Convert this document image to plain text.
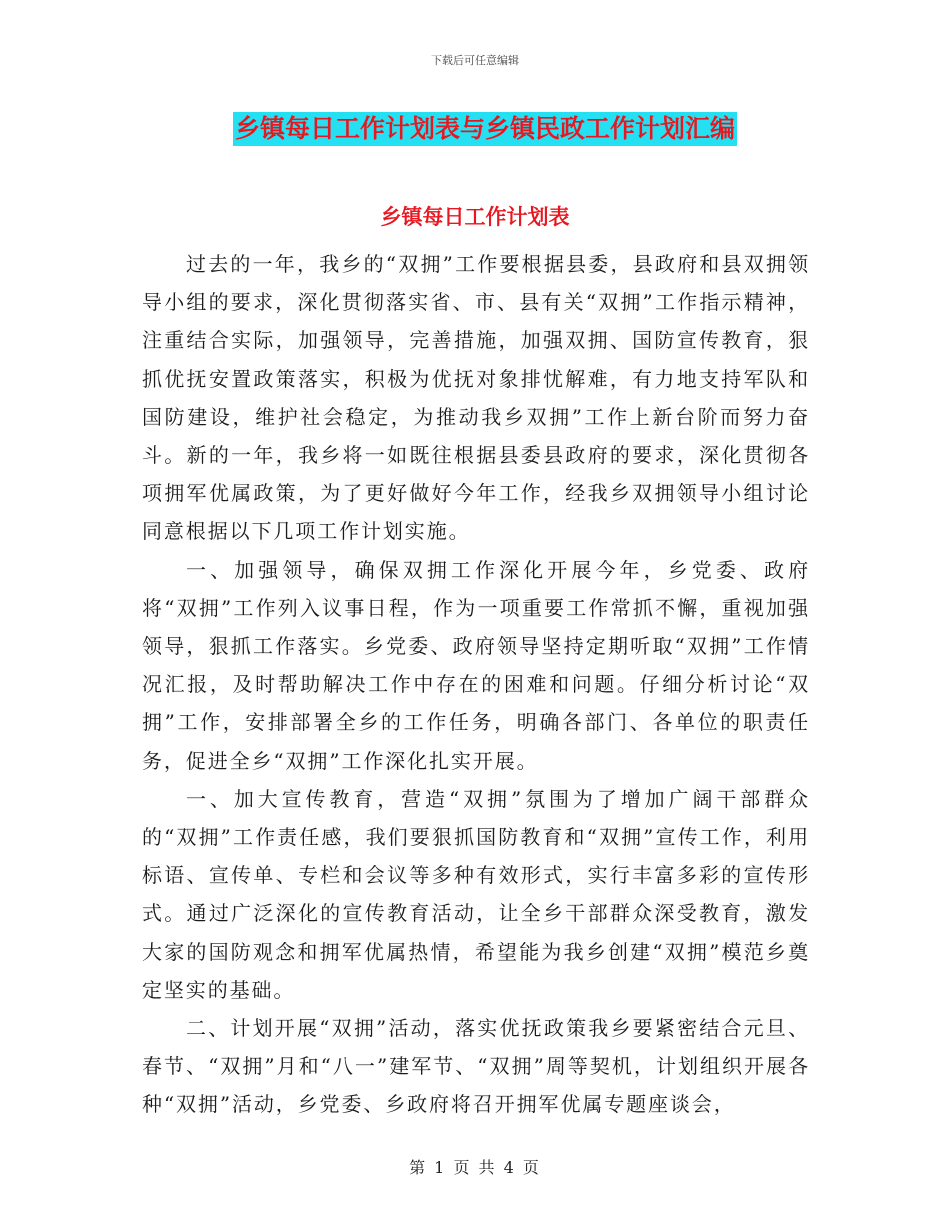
下载后可任意编辑
乡镇每日工作计划表与乡镇民政工作计划汇编
乡镇每日工作计划表

过去的一年，我乡的“双拥”工作要根据县委，县政府和县双拥领导小组的要求，深化贯彻落实省、市、县有关“双拥”工作指示精神，注重结合实际，加强领导，完善措施，加强双拥、国防宣传教育，狠抓优抚安置政策落实，积极为优抚对象排忧解难，有力地支持军队和国防建设，维护社会稳定，为推动我乡双拥”工作上新台阶而努力奋斗。新的一年，我乡将一如既往根据县委县政府的要求，深化贯彻各项拥军优属政策，为了更好做好今年工作，经我乡双拥领导小组讨论同意根据以下几项工作计划实施。

一、加强领导，确保双拥工作深化开展今年，乡党委、政府将“双拥”工作列入议事日程，作为一项重要工作常抓不懈，重视加强领导，狠抓工作落实。乡党委、政府领导坚持定期听取“双拥”工作情况汇报，及时帮助解决工作中存在的困难和问题。仔细分析讨论“双拥”工作，安排部署全乡的工作任务，明确各部门、各单位的职责任务，促进全乡“双拥”工作深化扎实开展。

一、加大宣传教育，营造“双拥”氛围为了增加广阔干部群众的“双拥”工作责任感，我们要狠抓国防教育和“双拥”宣传工作，利用标语、宣传单、专栏和会议等多种有效形式，实行丰富多彩的宣传形式。通过广泛深化的宣传教育活动，让全乡干部群众深受教育，激发大家的国防观念和拥军优属热情，希望能为我乡创建“双拥”模范乡奠定坚实的基础。

二、计划开展“双拥”活动，落实优抚政策我乡要紧密结合元旦、春节、“双拥”月和“八一”建军节、“双拥”周等契机，计划组织开展各种“双拥”活动，乡党委、乡政府将召开拥军优属专题座谈会，

第 1 页 共 4 页
